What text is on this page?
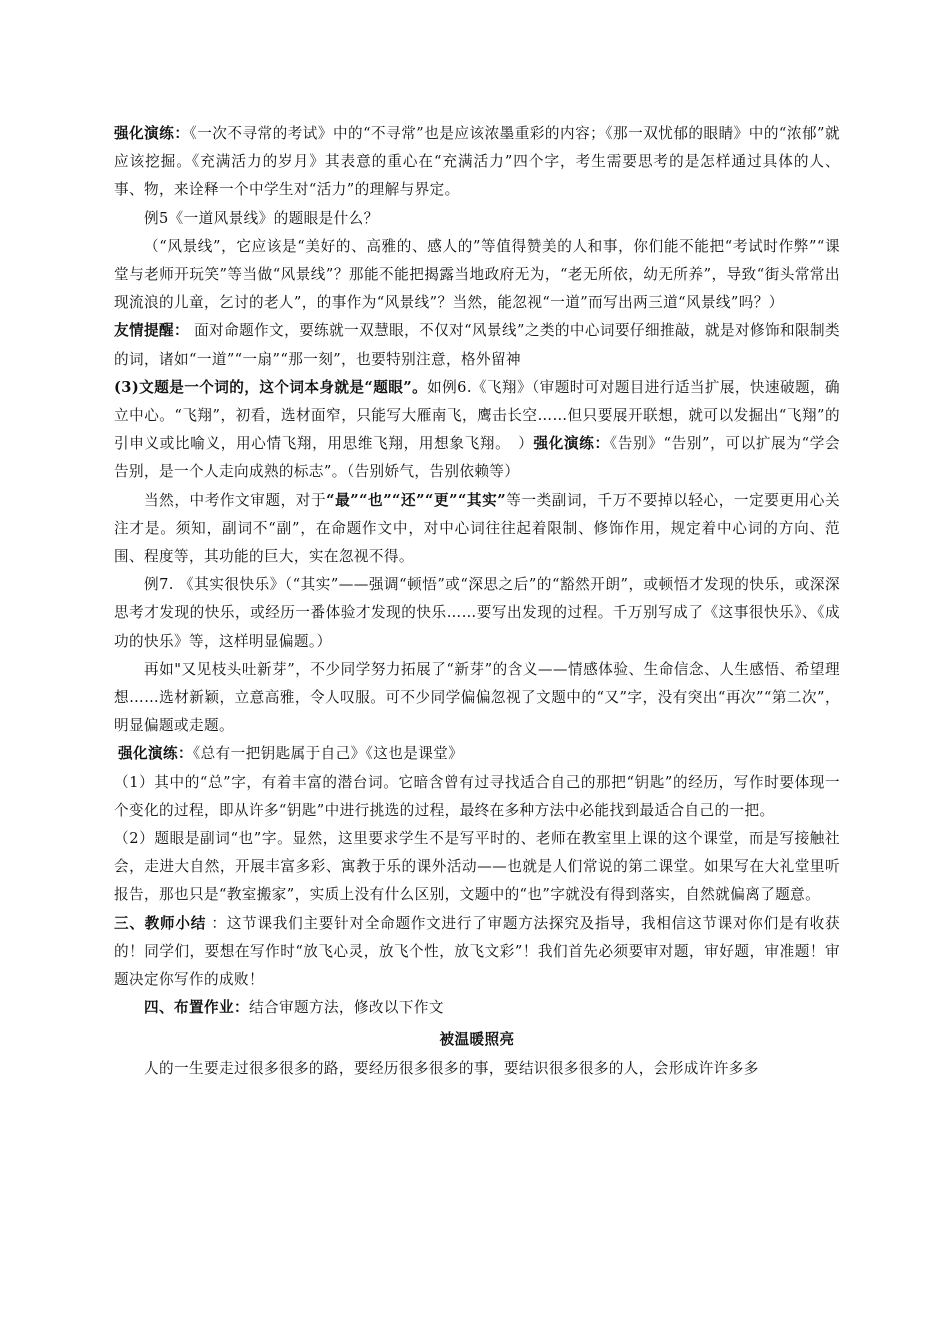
强化演练：《一次不寻常的考试》中的“不寻常”也是应该浓墨重彩的内容；《那一双忧郁的眼睛》中的“浓郁”就应该挖掘。《充满活力的岁月》其表意的重心在“充满活力”四个字，考生需要思考的是怎样通过具体的人、事、物，来诠释一个中学生对“活力”的理解与界定。

例5《一道风景线》的题眼是什么？

（“风景线”，它应该是“美好的、高雅的、感人的”等值得赞美的人和事，你们能不能把“考试时作弊”“课堂与老师开玩笑”等当做“风景线”？那能不能把揭露当地政府无为，“老无所依，幼无所养”，导致“街头常常出现流浪的儿童，乞讨的老人”，的事作为“风景线”？当然，能忽视“一道”而写出两三道“风景线”吗？）

友情提醒： 面对命题作文，要练就一双慧眼，不仅对“风景线”之类的中心词要仔细推敲，就是对修饰和限制类的词，诸如“一道”“一扇”“那一刻”，也要特别注意，格外留神

(3)文题是一个词的，这个词本身就是“题眼”。如例6.《飞翔》（审题时可对题目进行适当扩展，快速破题，确立中心。“飞翔”，初看，选材面窄，只能写大雁南飞，鹰击长空……但只要展开联想，就可以发掘出“飞翔”的引申义或比喻义，用心情飞翔，用思维飞翔，用想象飞翔。　）强化演练：《告别》“告别”，可以扩展为“学会告别，是一个人走向成熟的标志”。（告别娇气，告别依赖等）

当然，中考作文审题，对于“最”“也”“还”“更”“其实”等一类副词，千万不要掉以轻心，一定要更用心关注才是。须知，副词不“副”，在命题作文中，对中心词往往起着限制、修饰作用，规定着中心词的方向、范围、程度等，其功能的巨大，实在忽视不得。

例7. 《其实很快乐》（“其实”——强调“顿悟”或“深思之后”的“豁然开朗”，或顿悟才发现的快乐，或深深思考才发现的快乐，或经历一番体验才发现的快乐……要写出发现的过程。千万别写成了《这事很快乐》、《成功的快乐》等，这样明显偏题。）

再如"又见枝头吐新芽”，不少同学努力拓展了“新芽”的含义——情感体验、生命信念、人生感悟、希望理想……选材新颖，立意高雅，令人叹服。可不少同学偏偏忽视了文题中的“又”字，没有突出“再次”“第二次”，明显偏题或走题。

强化演练：《总有一把钥匙属于自己》《这也是课堂》

（1）其中的“总”字，有着丰富的潜台词。它暗含曾有过寻找适合自己的那把“钥匙”的经历，写作时要体现一个变化的过程，即从许多“钥匙”中进行挑选的过程，最终在多种方法中必能找到最适合自己的一把。

（2）题眼是副词“也”字。显然，这里要求学生不是写平时的、老师在教室里上课的这个课堂，而是写接触社会，走进大自然，开展丰富多彩、寓教于乐的课外活动——也就是人们常说的第二课堂。如果写在大礼堂里听报告，那也只是“教室搬家”，实质上没有什么区别，文题中的“也”字就没有得到落实，自然就偏离了题意。

三、教师小结 ：这节课我们主要针对全命题作文进行了审题方法探究及指导，我相信这节课对你们是有收获的！同学们，要想在写作时“放飞心灵，放飞个性，放飞文彩”！我们首先必须要审对题，审好题，审准题！审题决定你写作的成败！

四、布置作业：结合审题方法，修改以下作文

被温暖照亮

人的一生要走过很多很多的路，要经历很多很多的事，要结识很多很多的人，会形成许许多多
